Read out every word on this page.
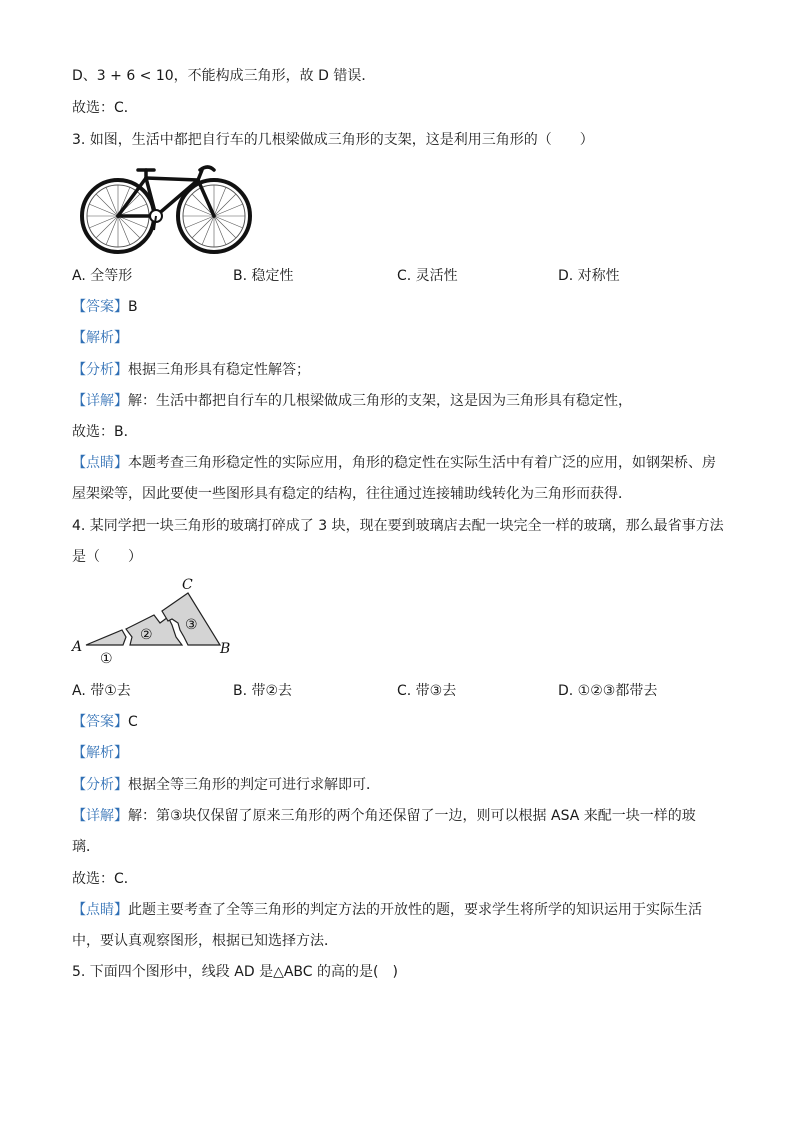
D、3 + 6 < 10，不能构成三角形，故 D 错误．
故选：C．
3. 如图，生活中都把自行车的几根梁做成三角形的支架，这是利用三角形的（　　）
A. 全等形	B. 稳定性	C. 灵活性	D. 对称性
【答案】B
【解析】
【分析】根据三角形具有稳定性解答；
【详解】解：生活中都把自行车的几根梁做成三角形的支架，这是因为三角形具有稳定性，
故选：B．
【点睛】本题考查三角形稳定性的实际应用，角形的稳定性在实际生活中有着广泛的应用，如钢架桥、房
屋架梁等，因此要使一些图形具有稳定的结构，往往通过连接辅助线转化为三角形而获得．
4. 某同学把一块三角形的玻璃打碎成了 3 块，现在要到玻璃店去配一块完全一样的玻璃，那么最省事方法
是（　　）
A	B
C
①
②
③
A. 带①去	B. 带②去	C. 带③去	D. ①②③都带去
【答案】C
【解析】
【分析】根据全等三角形的判定可进行求解即可．
【详解】解：第③块仅保留了原来三角形的两个角还保留了一边，则可以根据 ASA 来配一块一样的玻
璃．
故选：C．
【点睛】此题主要考查了全等三角形的判定方法的开放性的题，要求学生将所学的知识运用于实际生活
中，要认真观察图形，根据已知选择方法．
5. 下面四个图形中，线段 AD 是△ABC 的高的是(　)
